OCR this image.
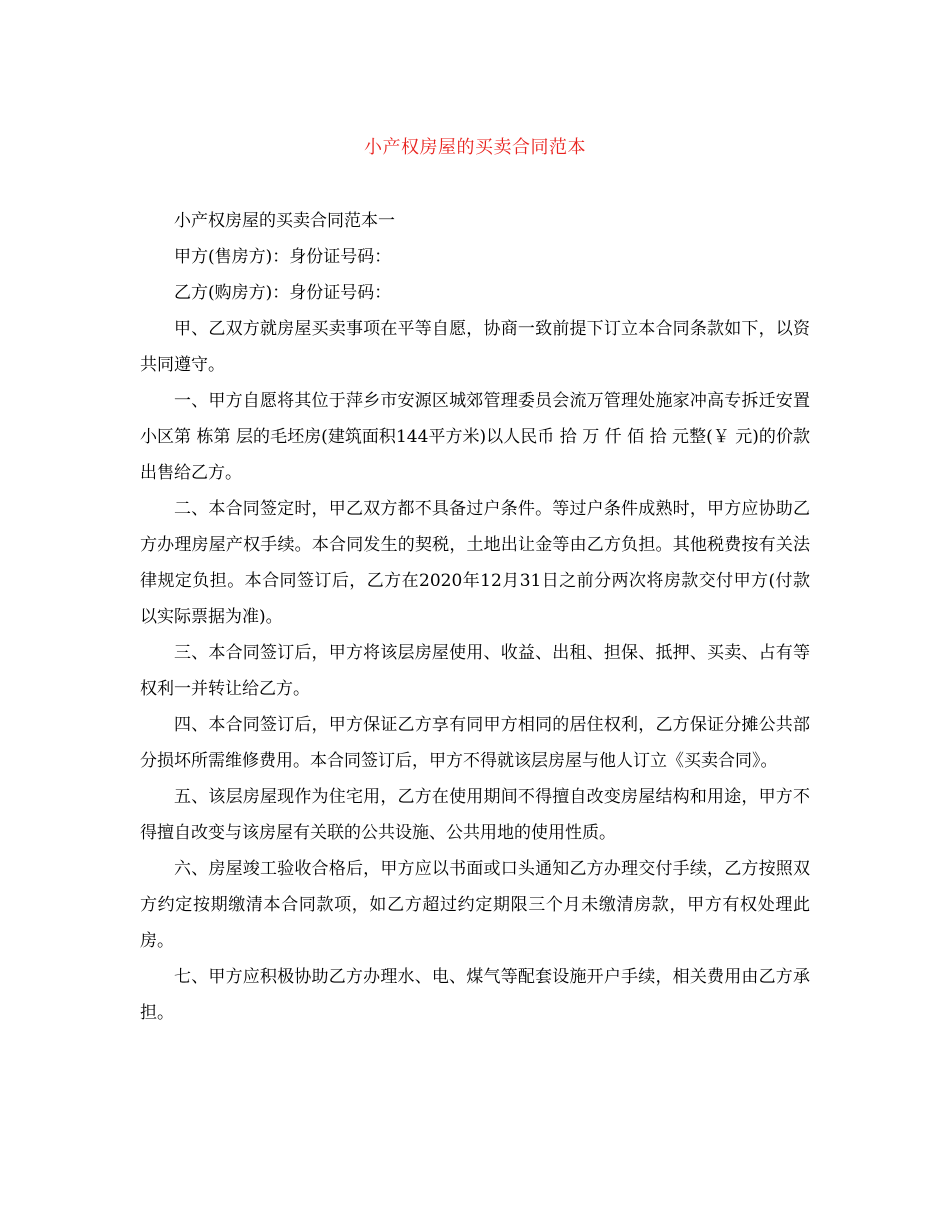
小产权房屋的买卖合同范本

小产权房屋的买卖合同范本一

甲方(售房方)：身份证号码：

乙方(购房方)：身份证号码：

甲、乙双方就房屋买卖事项在平等自愿，协商一致前提下订立本合同条款如下，以资共同遵守。

一、甲方自愿将其位于萍乡市安源区城郊管理委员会流万管理处施家冲高专拆迁安置小区第 栋第 层的毛坯房(建筑面积144平方米)以人民币 拾 万 仟 佰 拾 元整(￥ 元)的价款出售给乙方。

二、本合同签定时，甲乙双方都不具备过户条件。等过户条件成熟时，甲方应协助乙方办理房屋产权手续。本合同发生的契税，土地出让金等由乙方负担。其他税费按有关法律规定负担。本合同签订后，乙方在2020年12月31日之前分两次将房款交付甲方(付款以实际票据为准)。

三、本合同签订后，甲方将该层房屋使用、收益、出租、担保、抵押、买卖、占有等权利一并转让给乙方。

四、本合同签订后，甲方保证乙方享有同甲方相同的居住权利，乙方保证分摊公共部分损坏所需维修费用。本合同签订后，甲方不得就该层房屋与他人订立《买卖合同》。

五、该层房屋现作为住宅用，乙方在使用期间不得擅自改变房屋结构和用途，甲方不得擅自改变与该房屋有关联的公共设施、公共用地的使用性质。

六、房屋竣工验收合格后，甲方应以书面或口头通知乙方办理交付手续，乙方按照双方约定按期缴清本合同款项，如乙方超过约定期限三个月未缴清房款，甲方有权处理此房。

七、甲方应积极协助乙方办理水、电、煤气等配套设施开户手续，相关费用由乙方承担。
